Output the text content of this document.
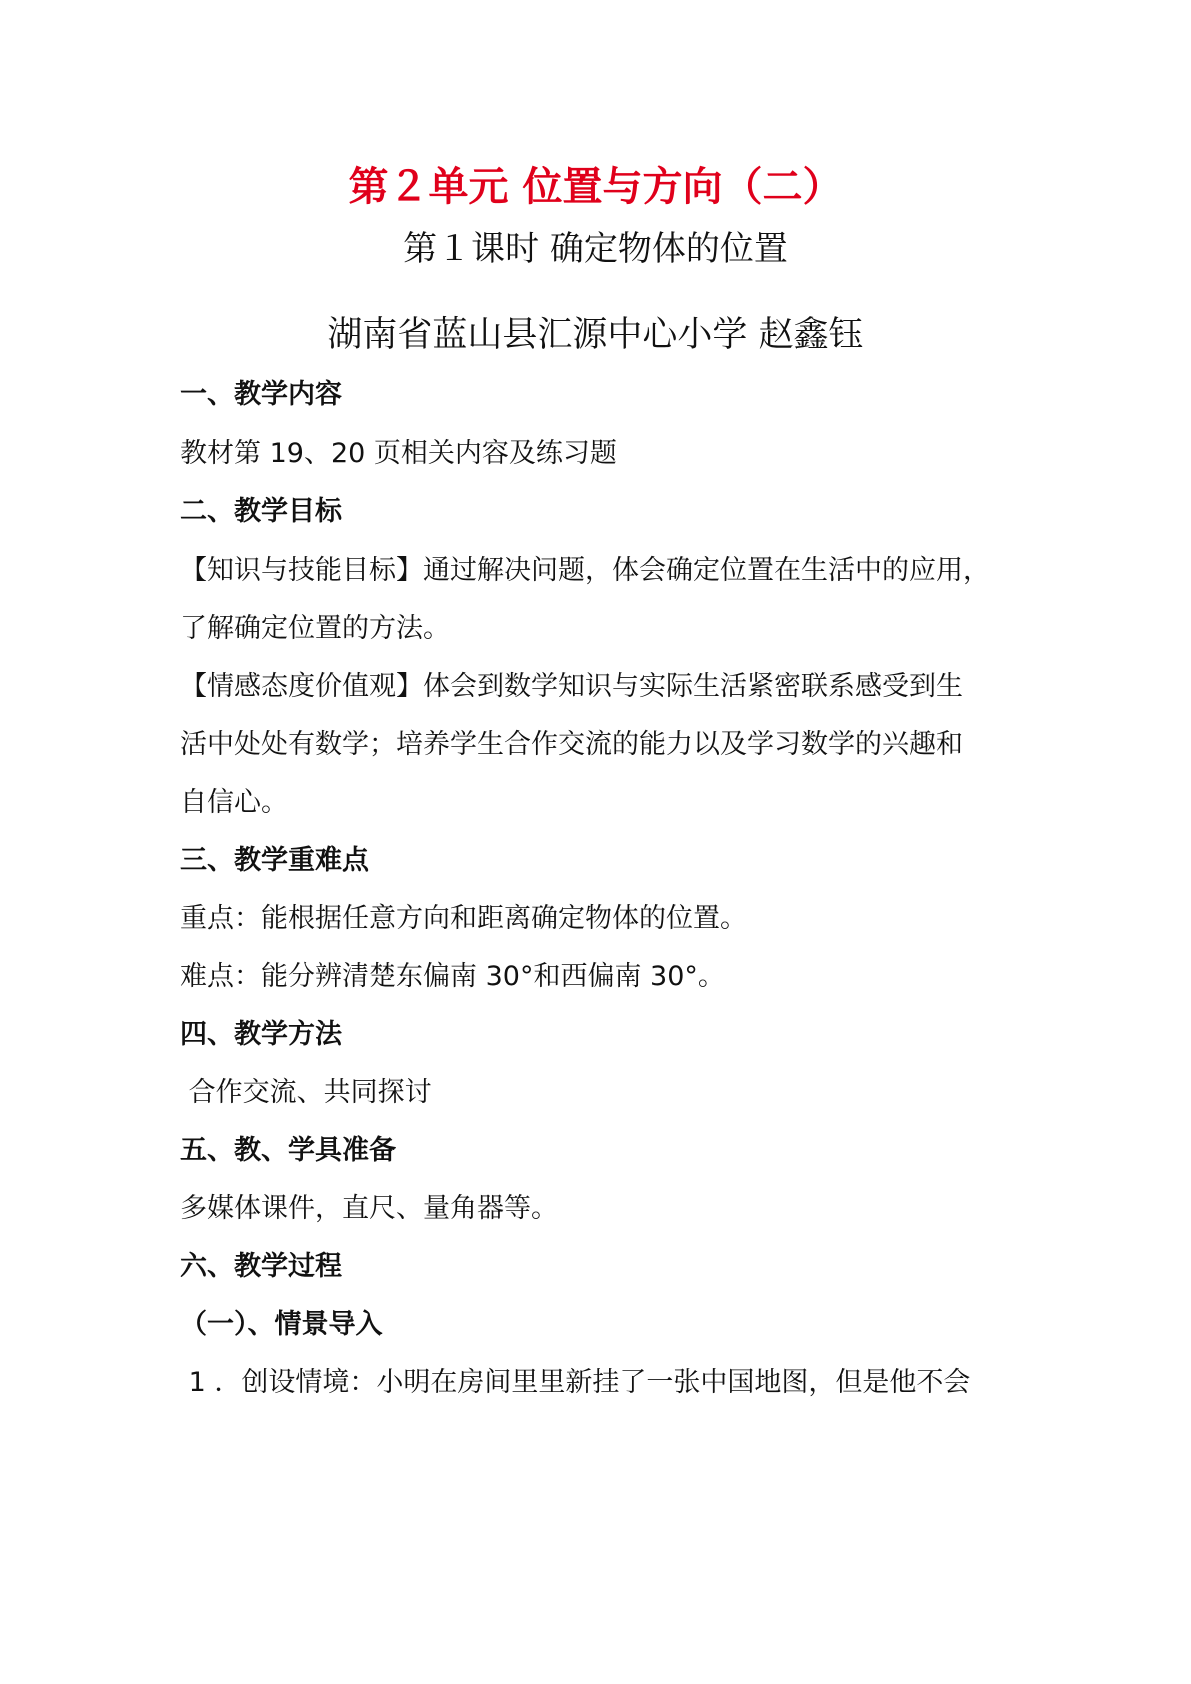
第２单元 位置与方向（二）
第１课时 确定物体的位置
湖南省蓝山县汇源中心小学 赵鑫钰
一、教学内容
教材第 19、20 页相关内容及练习题
二、教学目标
【知识与技能目标】通过解决问题，体会确定位置在生活中的应用，
了解确定位置的方法。
【情感态度价值观】体会到数学知识与实际生活紧密联系感受到生
活中处处有数学；培养学生合作交流的能力以及学习数学的兴趣和
自信心。
三、教学重难点
重点：能根据任意方向和距离确定物体的位置。
难点：能分辨清楚东偏南 30°和西偏南 30°。
四、教学方法
合作交流、共同探讨
五、教、学具准备
多媒体课件，直尺、量角器等。
六、教学过程
（一）、情景导入
1 ．创设情境：小明在房间里里新挂了一张中国地图，但是他不会
